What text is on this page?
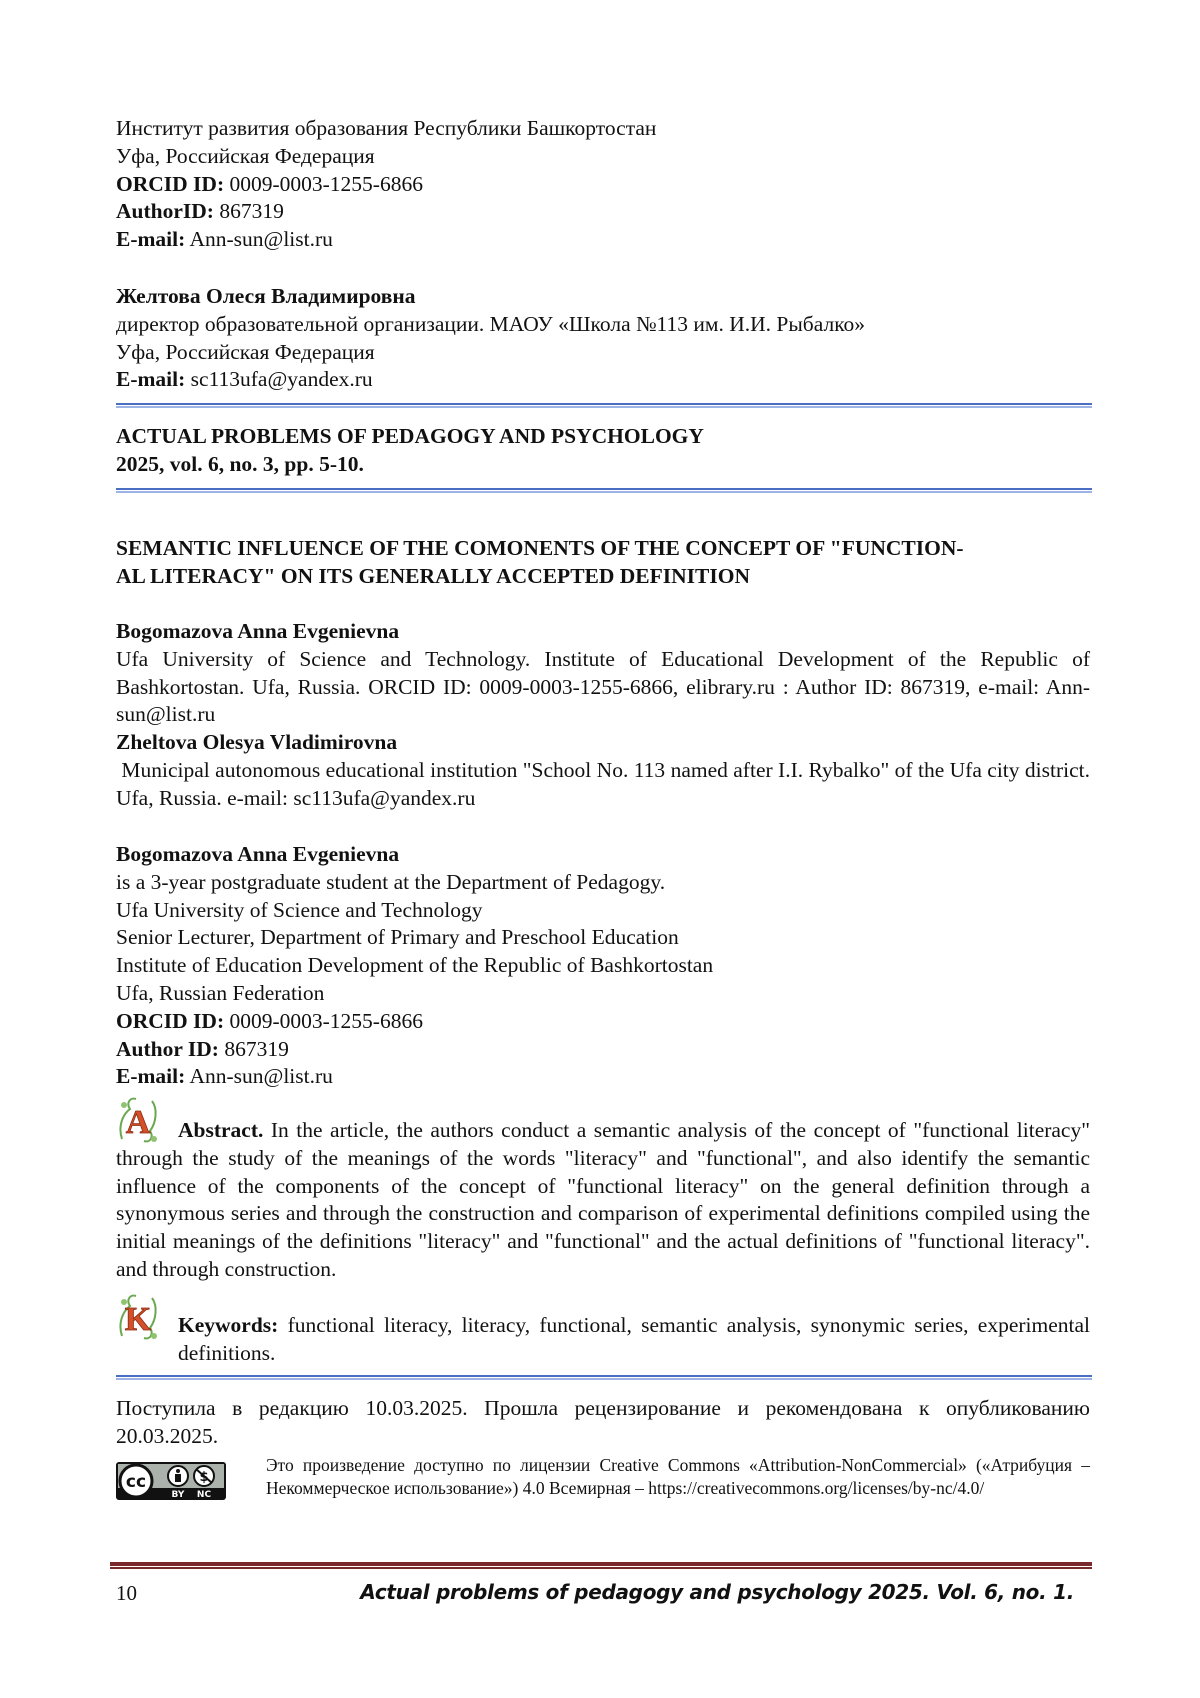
Институт развития образования Республики Башкортостан
Уфа, Российская Федерация
ORCID ID: 0009-0003-1255-6866
AuthorID: 867319
E-mail: Ann-sun@list.ru
Желтова Олеся Владимировна
директор образовательной организации. МАОУ «Школа №113 им. И.И. Рыбалко»
Уфа, Российская Федерация
E-mail: sc113ufa@yandex.ru
ACTUAL PROBLEMS OF PEDAGOGY AND PSYCHOLOGY
2025, vol. 6, no. 3, pp. 5-10.
SEMANTIC INFLUENCE OF THE COMONENTS OF THE CONCEPT OF "FUNCTION-
AL LITERACY" ON ITS GENERALLY ACCEPTED DEFINITION
Bogomazova Anna Evgenievna
Ufa University of Science and Technology. Institute of Educational Development of the Republic of Bashkortostan. Ufa, Russia. ORCID ID: 0009-0003-1255-6866, elibrary.ru : Author ID: 867319, e-mail: Ann-sun@list.ru
Zheltova Olesya Vladimirovna
Municipal autonomous educational institution "School No. 113 named after I.I. Rybalko" of the Ufa city district. Ufa, Russia. e-mail: sc113ufa@yandex.ru
Bogomazova Anna Evgenievna
is a 3-year postgraduate student at the Department of Pedagogy.
Ufa University of Science and Technology
Senior Lecturer, Department of Primary and Preschool Education
Institute of Education Development of the Republic of Bashkortostan
Ufa, Russian Federation
ORCID ID: 0009-0003-1255-6866
Author ID: 867319
E-mail: Ann-sun@list.ru
A	Abstract. In the article, the authors conduct a semantic analysis of the concept of "functional literacy" through the study of the meanings of the words "literacy" and "functional", and also identify the semantic influence of the components of the concept of "functional literacy" on the general definition through a synonymous series and through the construction and comparison of experimental definitions compiled using the initial meanings of the definitions "literacy" and "functional" and the actual definitions of "functional literacy". and through construction.
K Keywords: functional literacy, literacy, functional, semantic analysis, synonymic series, experimental definitions.
Поступила в редакцию 10.03.2025. Прошла рецензирование и рекомендована к опубликованию 20.03.2025.
cc	$
BY NC
Это произведение доступно по лицензии Creative Commons «Attribution-NonCommercial» («Атрибуция – Некоммерческое использование») 4.0 Всемирная – https://creativecommons.org/licenses/by-nc/4.0/
10	Actual problems of pedagogy and psychology 2025. Vol. 6, no. 1.
